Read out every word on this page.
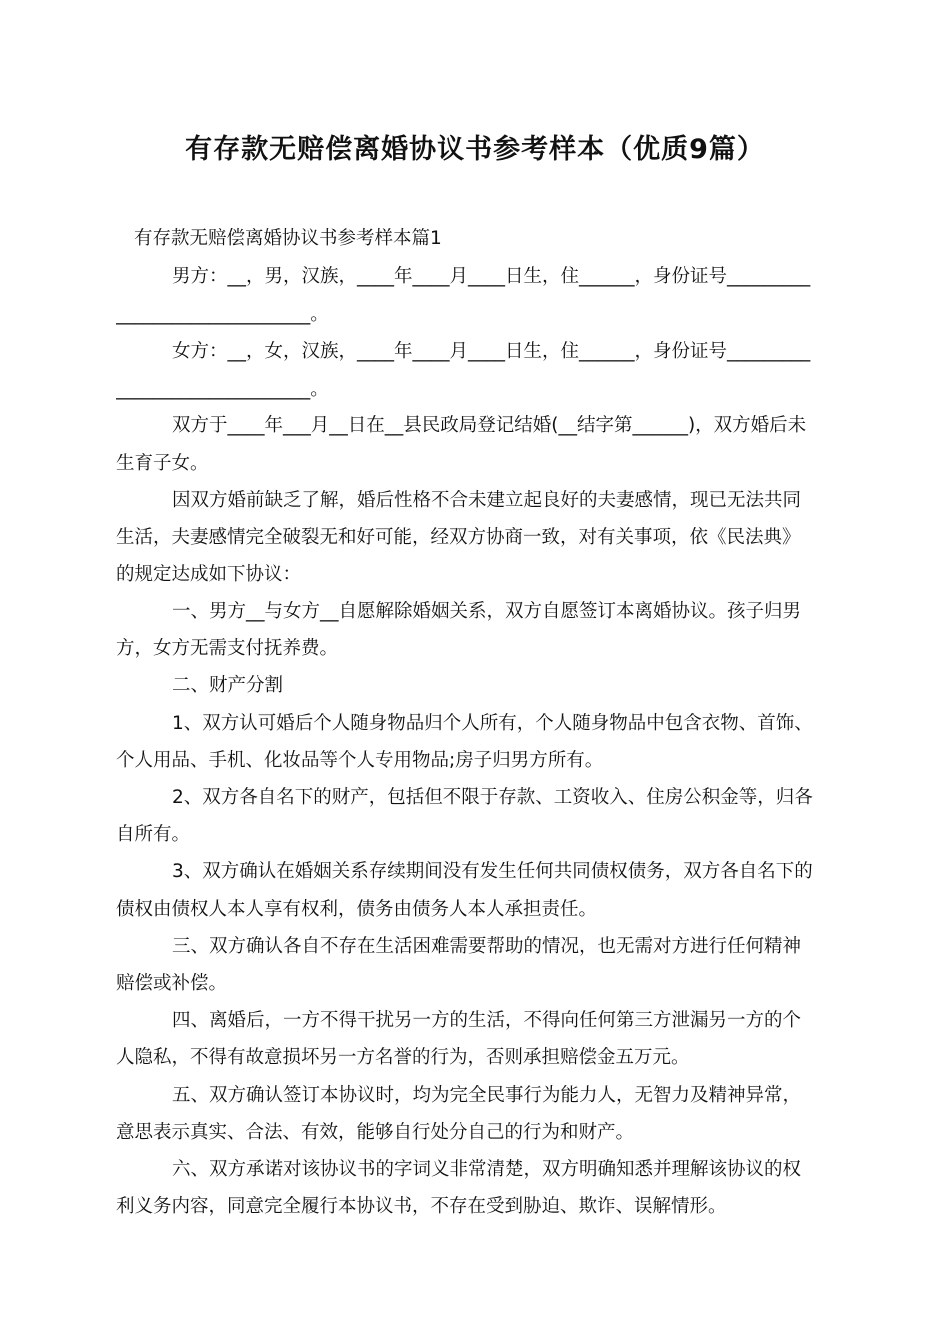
有存款无赔偿离婚协议书参考样本（优质9篇）

有存款无赔偿离婚协议书参考样本篇1

男方：__，男，汉族，____年____月____日生，住______，身份证号_________

_____________________。

女方：__，女，汉族，____年____月____日生，住______，身份证号_________

_____________________。

双方于____年___月__日在__县民政局登记结婚(__结字第______)，双方婚后未

生育子女。

因双方婚前缺乏了解，婚后性格不合未建立起良好的夫妻感情，现已无法共同

生活，夫妻感情完全破裂无和好可能，经双方协商一致，对有关事项，依《民法典》

的规定达成如下协议：

一、男方__与女方__自愿解除婚姻关系，双方自愿签订本离婚协议。孩子归男

方，女方无需支付抚养费。

二、财产分割

1、双方认可婚后个人随身物品归个人所有，个人随身物品中包含衣物、首饰、

个人用品、手机、化妆品等个人专用物品;房子归男方所有。

2、双方各自名下的财产，包括但不限于存款、工资收入、住房公积金等，归各

自所有。

3、双方确认在婚姻关系存续期间没有发生任何共同债权债务，双方各自名下的

债权由债权人本人享有权利，债务由债务人本人承担责任。

三、双方确认各自不存在生活困难需要帮助的情况，也无需对方进行任何精神

赔偿或补偿。

四、离婚后，一方不得干扰另一方的生活，不得向任何第三方泄漏另一方的个

人隐私，不得有故意损坏另一方名誉的行为，否则承担赔偿金五万元。

五、双方确认签订本协议时，均为完全民事行为能力人，无智力及精神异常，

意思表示真实、合法、有效，能够自行处分自己的行为和财产。

六、双方承诺对该协议书的字词义非常清楚，双方明确知悉并理解该协议的权

利义务内容，同意完全履行本协议书，不存在受到胁迫、欺诈、误解情形。
